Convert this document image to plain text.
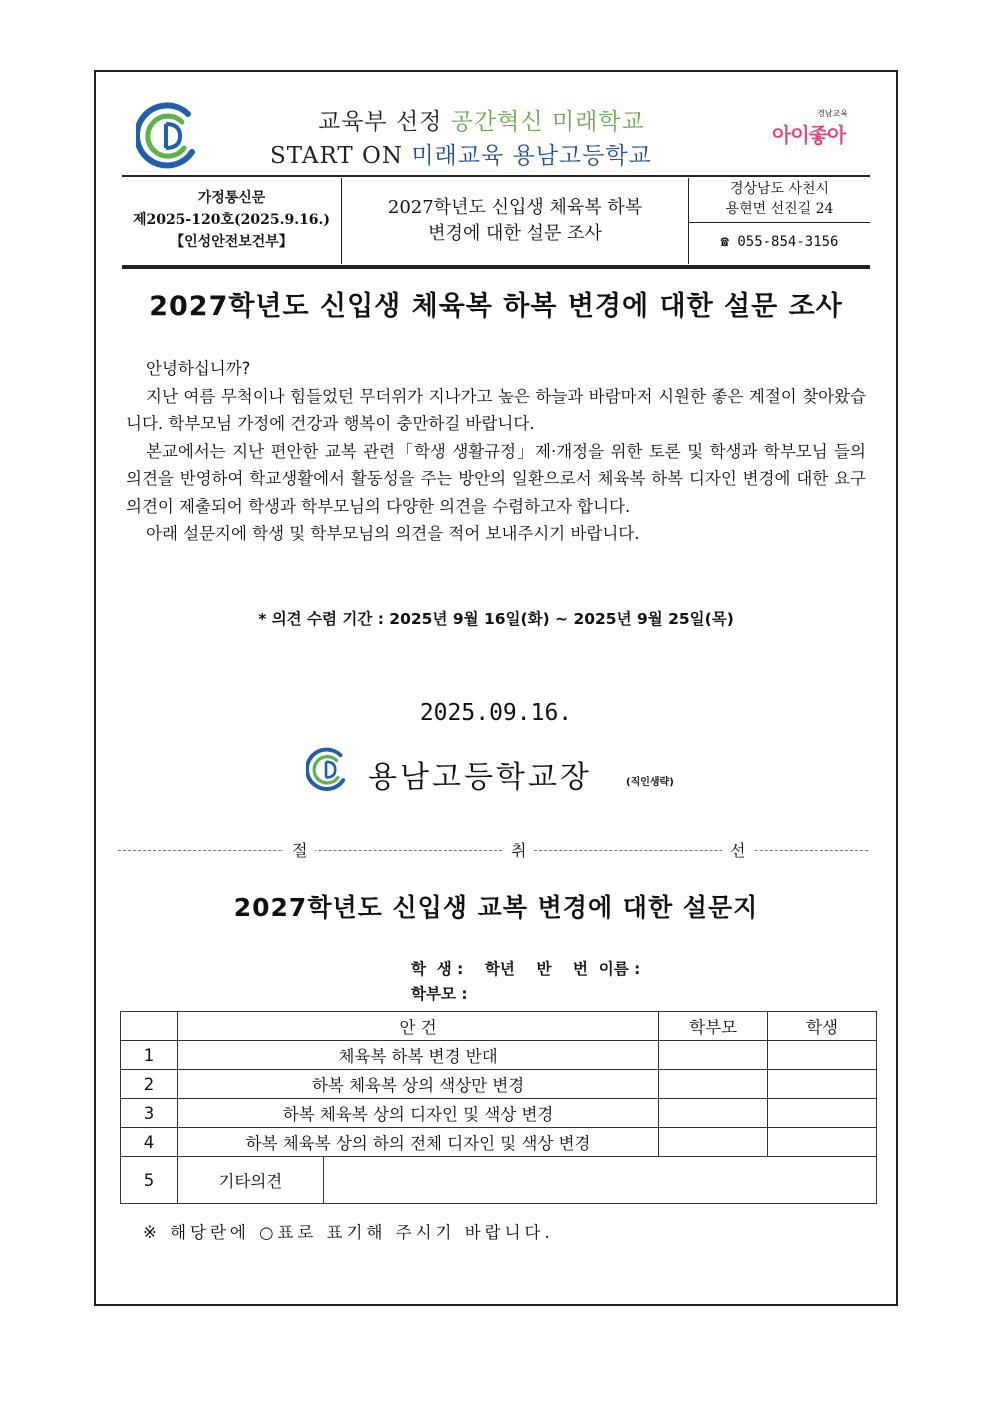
교육부 선정 공간혁신 미래학교
START ON 미래교육 용남고등학교
경남교육
아이좋아
가정통신문
제2025-120호(2025.9.16.)
【인성안전보건부】
2027학년도 신입생 체육복 하복
변경에 대한 설문 조사
경상남도 사천시
용현면 선진길 24
☎ 055-854-3156
2027학년도 신입생 체육복 하복 변경에 대한 설문 조사

안녕하십니까?

지난 여름 무척이나 힘들었던 무더위가 지나가고 높은 하늘과 바람마저 시원한 좋은 계절이 찾아왔습니다. 학부모님 가정에 건강과 행복이 충만하길 바랍니다.

본교에서는 지난 편안한 교복 관련「학생 생활규정」제·개정을 위한 토론 및 학생과 학부모님 들의 의견을 반영하여 학교생활에서 활동성을 주는 방안의 일환으로서 체육복 하복 디자인 변경에 대한 요구 의견이 제출되어 학생과 학부모님의 다양한 의견을 수렴하고자 합니다.

아래 설문지에 학생 및 학부모님의 의견을 적어 보내주시기 바랍니다.

* 의견 수렴 기간 : 2025년 9월 16일(화) ~ 2025년 9월 25일(목)
2025.09.16.
용남고등학교장	(직인생략)
절	취	선
2027학년도 신입생 교복 변경에 대한 설문지
학  생 :    학년    반    번  이름 :
학부모 :
	안 건		학부모	학생
1	체육복 하복 변경 반대			
2	하복 체육복 상의 색상만 변경			
3	하복 체육복 상의 디자인 및 색상 변경			
4	하복 체육복 상의 하의 전체 디자인 및 색상 변경			
5	기타의견			
※ 해당란에 ○표로 표기해 주시기 바랍니다.
